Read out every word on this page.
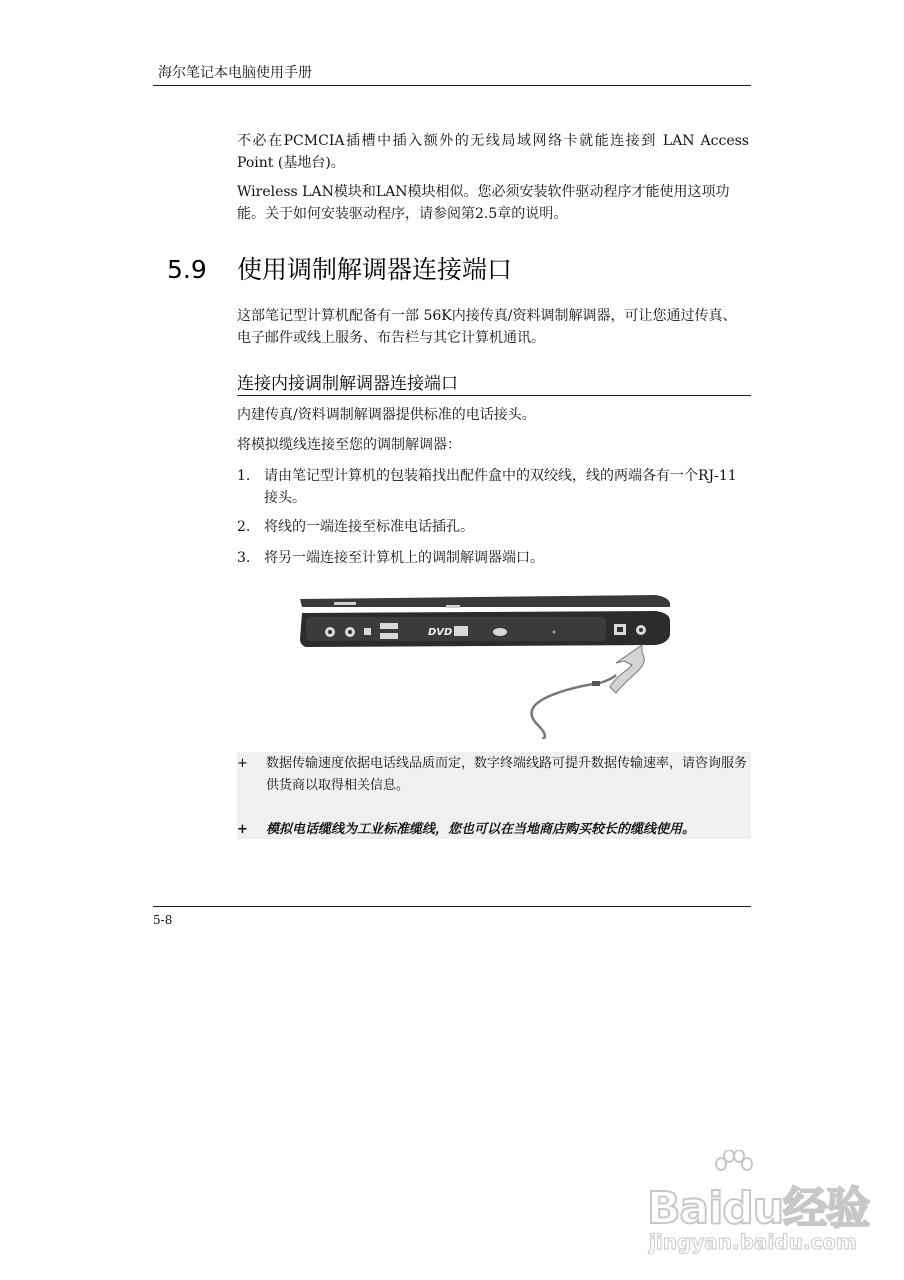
海尔笔记本电脑使用手册
不必在PCMCIA插槽中插入额外的无线局域网络卡就能连接到 LAN Access Point (基地台)。
Wireless LAN模块和LAN模块相似。您必须安装软件驱动程序才能使用这项功能。关于如何安装驱动程序，请参阅第2.5章的说明。
5.9 使用调制解调器连接端口
这部笔记型计算机配备有一部 56K内接传真/资料调制解调器，可让您通过传真、电子邮件或线上服务、布告栏与其它计算机通讯。
连接内接调制解调器连接端口
内建传真/资料调制解调器提供标准的电话接头。
将模拟缆线连接至您的调制解调器：
1. 请由笔记型计算机的包装箱找出配件盒中的双绞线，线的两端各有一个RJ-11接头。
2. 将线的一端连接至标准电话插孔。
3. 将另一端连接至计算机上的调制解调器端口。
DVD
+ 数据传输速度依据电话线品质而定，数字终端线路可提升数据传输速率，请咨询服务供货商以取得相关信息。
+ 模拟电话缆线为工业标准缆线，您也可以在当地商店购买较长的缆线使用。
5-8
Baidu经验
jingyan.baidu.com
